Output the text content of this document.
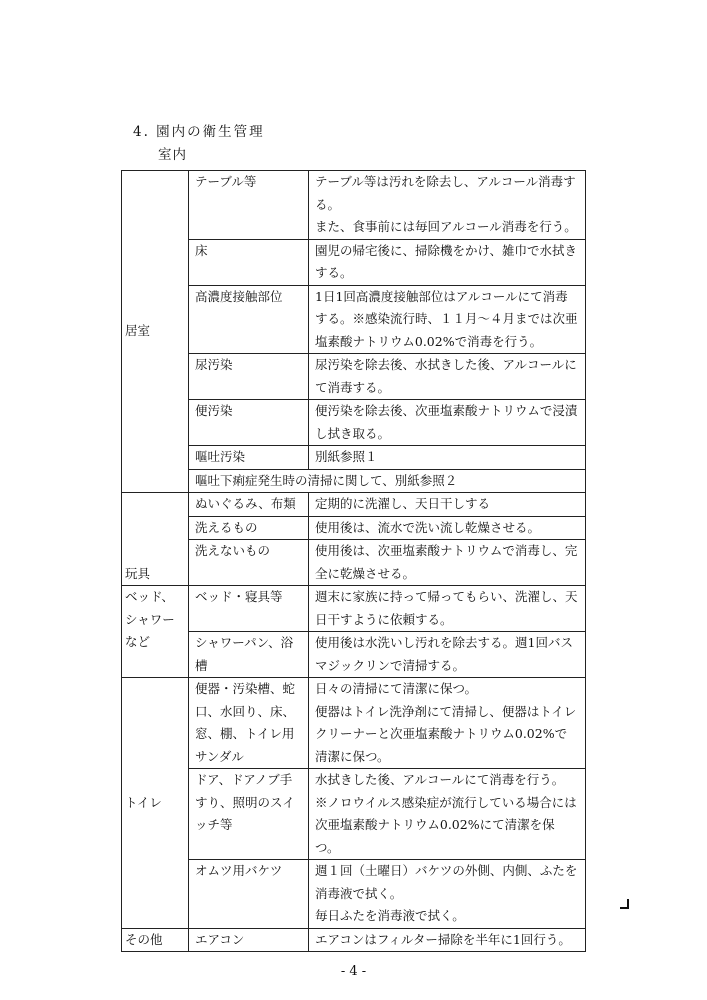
4. 園内の衛生管理
室内
居室	テーブル等	テーブル等は汚れを除去し、アルコール消毒する。
また、食事前には毎回アルコール消毒を行う。

	床	園児の帰宅後に、掃除機をかけ、雑巾で水拭きする。
	高濃度接触部位	1日1回高濃度接触部位はアルコールにて消毒する。※感染流行時、１１月～４月までは次亜塩素酸ナトリウム0.02%で消毒を行う。
	尿汚染	尿汚染を除去後、水拭きした後、アルコールにて消毒する。
	便汚染	便汚染を除去後、次亜塩素酸ナトリウムで浸漬し拭き取る。
	嘔吐汚染	別紙参照１
	嘔吐下痢症発生時の清掃に関して、別紙参照２	
玩具	ぬいぐるみ、布類	定期的に洗濯し、天日干しする
	洗えるもの	使用後は、流水で洗い流し乾燥させる。
	洗えないもの	使用後は、次亜塩素酸ナトリウムで消毒し、完全に乾燥させる。
ベッド、シャワーなど	ベッド・寝具等	週末に家族に持って帰ってもらい、洗濯し、天日干すように依頼する。
	シャワーパン、浴槽	使用後は水洗いし汚れを除去する。週1回バスマジックリンで清掃する。
トイレ	便器・汚染槽、蛇口、水回り、床、窓、棚、トイレ用サンダル	日々の清掃にて清潔に保つ。
便器はトイレ洗浄剤にて清掃し、便器はトイレクリーナーと次亜塩素酸ナトリウム0.02%で清潔に保つ。

	ドア、ドアノブ手すり、照明のスイッチ等	水拭きした後、アルコールにて消毒を行う。
※ノロウイルス感染症が流行している場合には次亜塩素酸ナトリウム0.02%にて清潔を保つ。

	オムツ用バケツ	週１回（土曜日）バケツの外側、内側、ふたを消毒液で拭く。
毎日ふたを消毒液で拭く。

その他	エアコン	エアコンはフィルター掃除を半年に1回行う。
- 4 -
